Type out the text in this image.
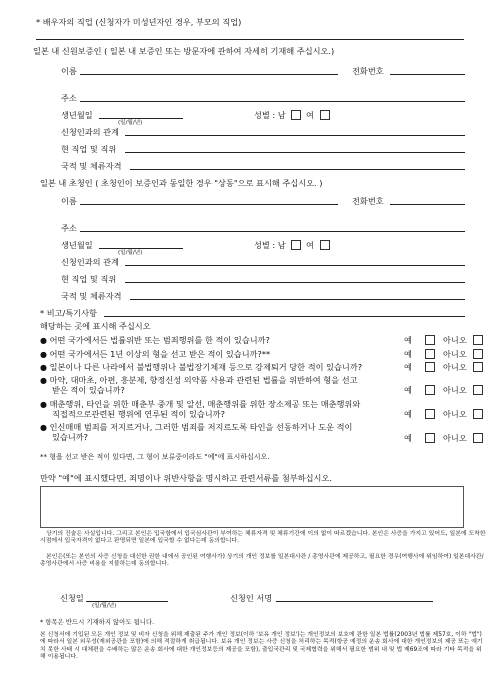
* 배우자의 직업 (신청자가 미성년자인 경우, 부모의 직업)
일본 내 신원보증인 ( 일본 내 보증인 또는 방문자에 관하여 자세히 기재해 주십시오.)
이름	전화번호
주소
생년월일
(일/월/년)
성별 : 남 여
신청인과의 관계
현 직업 및 직위
국적 및 체류자격
일본 내 초청인 ( 초청인이 보증인과 동일한 경우 "상동"으로 표시해 주십시오. )
이름	전화번호
주소
생년월일
(일/월/년)
성별 : 남 여
신청인과의 관계
현 직업 및 직위
국적 및 체류자격
* 비고/특기사항
해당하는 곳에 표시해 주십시오
● 어떤 국가에서든 법률위반 또는 범죄행위를 한 적이 있습니까?	예	아니오
● 어떤 국가에서든 1년 이상의 형을 선고 받은 적이 있습니까?**	예	아니오
● 일본이나 다른 나라에서 불법행위나 불법장기체재 등으로 강제퇴거 당한 적이 있습니까?	예	아니오
● 마약, 대마초, 아편, 흥분제, 향정신성 의약품 사용과 관련된 법률을 위반하여 형을 선고
받은 적이 있습니까?	예	아니오
● 매춘행위, 타인을 위한 매춘부 중개 및 알선, 매춘행위를 위한 장소제공 또는 매춘행위와
직접적으로관련된 행위에 연루된 적이 있습니까?	예	아니오
● 인신매매 범죄를 저지르거나, 그러한 범죄를 저지르도록 타인을 선동하거나 도운 적이
있습니까?	예	아니오
** 형을 선고 받은 적이 있다면, 그 형이 보류중이라도 "예"에 표시하십시오.
만약 "예"에 표시했다면, 죄명이나 위반사항을 명시하고 관련서류를 첨부하십시오.
상기의 진술은 사실입니다. 그리고 본인은 입국함에서 입국심사관이 부여하는 체류자격 및 체류기간에 이의 없이 따르겠습니다. 본인은 사증을 가지고 있어도, 일본에 도착한 시점에서 입국자격이 없다고 판명되면 일본에 입국할 수 없다는데 동의합니다.
본인은(또는 본인의 사증 신청을 대신한 권한 내에서 공인된 여행사가) 상기의 개인 정보를 일본대사관 / 총영사관에 제공하고, 필요한 경우(여행사에 위임하여) 일본대사관/총영사관에서 사증 비용을 지불하는데 동의합니다.
신청일
(일/월/년)
신청인 서명
* 항목은 반드시 기재하지 않아도 됩니다.
본 신청서에 기입된 모든 개인 정보 및 비자 신청을 위해 제출된 주가 개인 정보(이하 '보유 개인 정보')는 개인정보의 보호에 관한 일본 법률(2003년 법률 제57호, 이하 "법")에 따라서 일본 외무성(재외공관을 포함)에 의해 적절하게 취급됩니다. 보유 개인 정보는 사증 신청을 처리하는 목적(항공 예정의 운송 회사에 대한 개인정보의 제공 또는 예기치 못한 사태 시 대체편을 수배하는 많은 운송 회사에 대한 개인정보등의 제공을 포함), 출입국관리 및 국제협력을 위해서 필요한 범위 내 및 법 제69조에 따라 기타 목적을 위해 이용됩니다.
